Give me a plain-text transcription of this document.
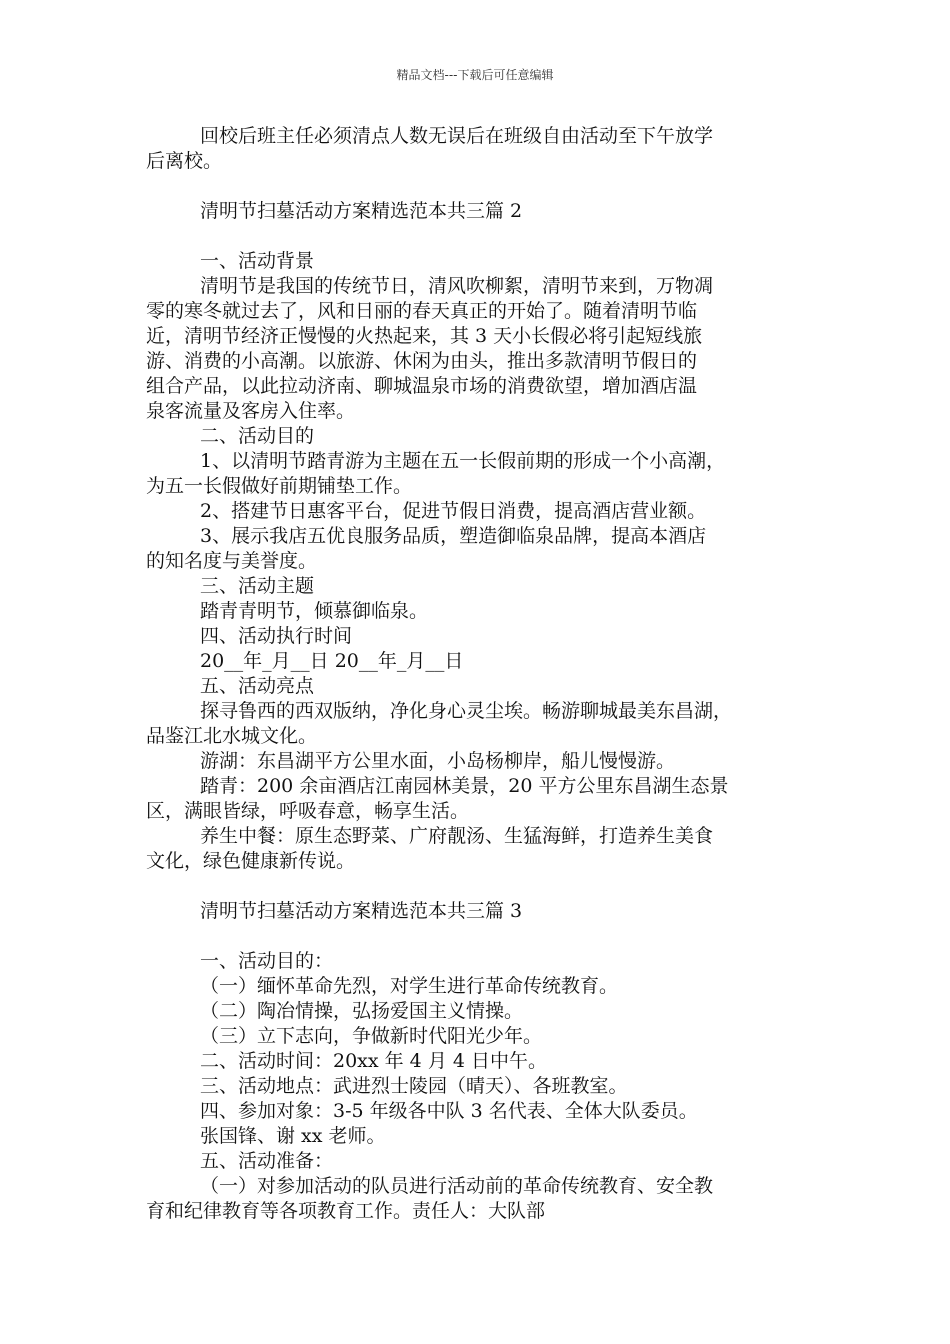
精品文档---下载后可任意编辑
回校后班主任必须清点人数无误后在班级自由活动至下午放学
后离校。
清明节扫墓活动方案精选范本共三篇 2
一、活动背景
清明节是我国的传统节日，清风吹柳絮，清明节来到，万物凋
零的寒冬就过去了，风和日丽的春天真正的开始了。随着清明节临
近，清明节经济正慢慢的火热起来，其 3 天小长假必将引起短线旅
游、消费的小高潮。以旅游、休闲为由头，推出多款清明节假日的
组合产品，以此拉动济南、聊城温泉市场的消费欲望，增加酒店温
泉客流量及客房入住率。
二、活动目的
1、以清明节踏青游为主题在五一长假前期的形成一个小高潮，
为五一长假做好前期铺垫工作。
2、搭建节日惠客平台，促进节假日消费，提高酒店营业额。
3、展示我店五优良服务品质，塑造御临泉品牌，提高本酒店
的知名度与美誉度。
三、活动主题
踏青青明节，倾慕御临泉。
四、活动执行时间
20__年_月__日 20__年_月__日
五、活动亮点
探寻鲁西的西双版纳，净化身心灵尘埃。畅游聊城最美东昌湖，
品鉴江北水城文化。
游湖：东昌湖平方公里水面，小岛杨柳岸，船儿慢慢游。
踏青：200 余亩酒店江南园林美景，20 平方公里东昌湖生态景
区，满眼皆绿，呼吸春意，畅享生活。
养生中餐：原生态野菜、广府靓汤、生猛海鲜，打造养生美食
文化，绿色健康新传说。
清明节扫墓活动方案精选范本共三篇 3
一、活动目的：
（一）缅怀革命先烈，对学生进行革命传统教育。
（二）陶冶情操，弘扬爱国主义情操。
（三）立下志向，争做新时代阳光少年。
二、活动时间：20xx 年 4 月 4 日中午。
三、活动地点：武进烈士陵园（晴天）、各班教室。
四、参加对象：3-5 年级各中队 3 名代表、全体大队委员。
张国锋、谢 xx 老师。
五、活动准备：
（一）对参加活动的队员进行活动前的革命传统教育、安全教
育和纪律教育等各项教育工作。责任人：大队部
